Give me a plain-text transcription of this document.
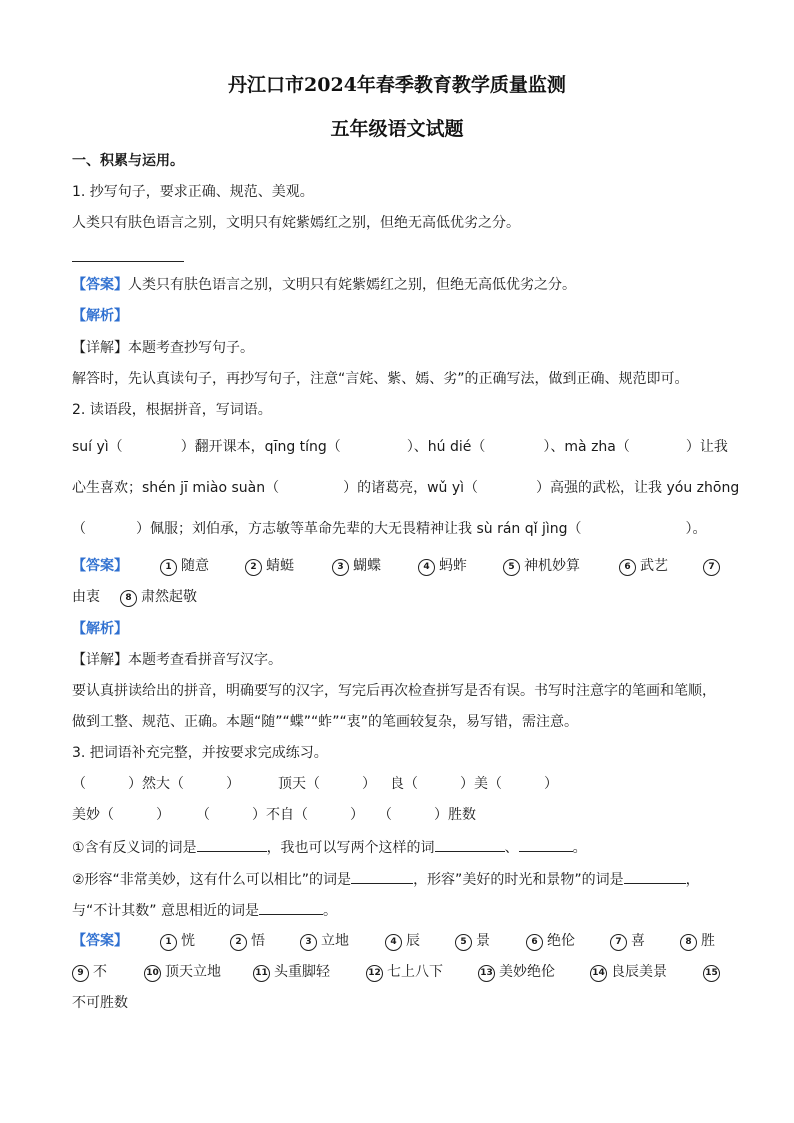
丹江口市2024年春季教育教学质量监测
五年级语文试题
一、积累与运用。
1. 抄写句子，要求正确、规范、美观。
人类只有肤色语言之别，文明只有姹紫嫣红之别，但绝无高低优劣之分。
【答案】人类只有肤色语言之别，文明只有姹紫嫣红之别，但绝无高低优劣之分。
【解析】
【详解】本题考查抄写句子。
解答时，先认真读句子，再抄写句子，注意“言姹、紫、嫣、劣”的正确写法，做到正确、规范即可。
2. 读语段，根据拼音，写词语。
suí yì（	）翻开课本，qīng tíng（	）、hú dié（	）、mà zha（	）让我
心生喜欢；shén jī miào suàn（	）的诸葛亮，wǔ yì（	）高强的武松，让我 yóu zhōng
（	）佩服；刘伯承，方志敏等革命先辈的大无畏精神让我 sù rán qǐ jìng（	）。
【答案】	1 随意	2 蜻蜓	3 蝴蝶	4 蚂蚱	5 神机妙算	6 武艺	7
由衷	8 肃然起敬
【解析】
【详解】本题考查看拼音写汉字。
要认真拼读给出的拼音，明确要写的汉字，写完后再次检查拼写是否有误。书写时注意字的笔画和笔顺，
做到工整、规范、正确。本题“随”“蝶”“蚱”“衷”的笔画较复杂，易写错，需注意。
3. 把词语补充完整，并按要求完成练习。
（　　　）然大（　　　）	顶天（　　　） 良（　　　）美（　　　）
美妙（　　　） （　　　）不自（　　　） （　　　）胜数
①含有反义词的词是	，我也可以写两个这样的词	、	。
②形容“非常美妙，这有什么可以相比”的词是	，形容”美好的时光和景物”的词是	，
与“不计其数” 意思相近的词是	。
【答案】	1 恍	2 悟	3 立地	4 辰	5 景	6 绝伦	7 喜	8 胜
9 不	10 顶天立地	11 头重脚轻	12 七上八下	13 美妙绝伦	14 良辰美景	15
不可胜数
